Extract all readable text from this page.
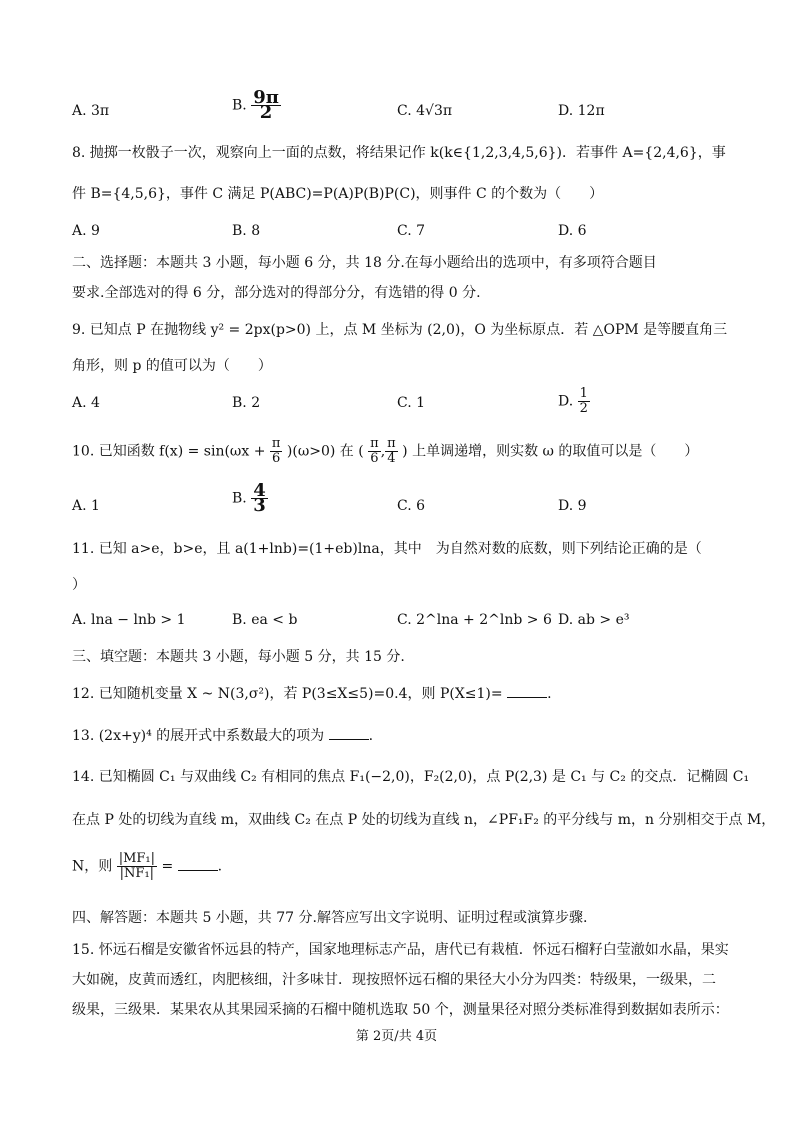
A. 3π	B. $\frac{9\pi}{2}$	C. 4√3π	D. 12π
8. 抛掷一枚骰子一次，观察向上一面的点数，将结果记作 k(k∈{1,2,3,4,5,6})．若事件 A={2,4,6}，事
件 B={4,5,6}，事件 C 满足 P(ABC)=P(A)P(B)P(C)，则事件 C 的个数为（　　）
A. 9	B. 8	C. 7	D. 6
二、选择题：本题共 3 小题，每小题 6 分，共 18 分.在每小题给出的选项中，有多项符合题目
要求.全部选对的得 6 分，部分选对的得部分分，有选错的得 0 分.
9. 已知点 P 在抛物线 y² = 2px(p>0) 上，点 M 坐标为 (2,0)，O 为坐标原点．若 △OPM 是等腰直角三
角形，则 p 的值可以为（　　）
A. 4	B. 2	C. 1	D. $\frac{1}{2}$
10. 已知函数 $f(x) = \sin(\omega x + \frac{\pi}{6} )(\omega>0)$ 在 ( $\frac{\pi}{6}$ , $\frac{\pi}{4}$ ) 上单调递增，则实数 ω 的取值可以是（　　）
A. 1	B. $\frac{4}{3}$	C. 6	D. 9
11. 已知 a>e，b>e，且 a(1+lnb)=(1+eb)lna，其中　为自然对数的底数，则下列结论正确的是（
）
A. lna − lnb > 1	B. ea < b	C. 2^lna + 2^lnb > 6 D. ab > e³
三、填空题：本题共 3 小题，每小题 5 分，共 15 分.
12. 已知随机变量 X ~ N(3,σ²)，若 P(3≤X≤5)=0.4，则 P(X≤1)=	.
13. (2x+y)⁴ 的展开式中系数最大的项为	.
14. 已知椭圆 C₁ 与双曲线 C₂ 有相同的焦点 F₁(−2,0)，F₂(2,0)，点 P(2,3) 是 C₁ 与 C₂ 的交点．记椭圆 C₁
在点 P 处的切线为直线 m，双曲线 C₂ 在点 P 处的切线为直线 n，∠PF₁F₂ 的平分线与 m，n 分别相交于点 M，
N，则 $\frac{\text{|MF₁|}}{\text{|NF₁|}}$ =	.
四、解答题：本题共 5 小题，共 77 分.解答应写出文字说明、证明过程或演算步骤.
15. 怀远石榴是安徽省怀远县的特产，国家地理标志产品，唐代已有栽植．怀远石榴籽白莹澈如水晶，果实
大如碗，皮黄而透红，肉肥核细，汁多味甘．现按照怀远石榴的果径大小分为四类：特级果，一级果，二
级果，三级果．某果农从其果园采摘的石榴中随机选取 50 个，测量果径对照分类标准得到数据如表所示：
第 2页/共 4页
